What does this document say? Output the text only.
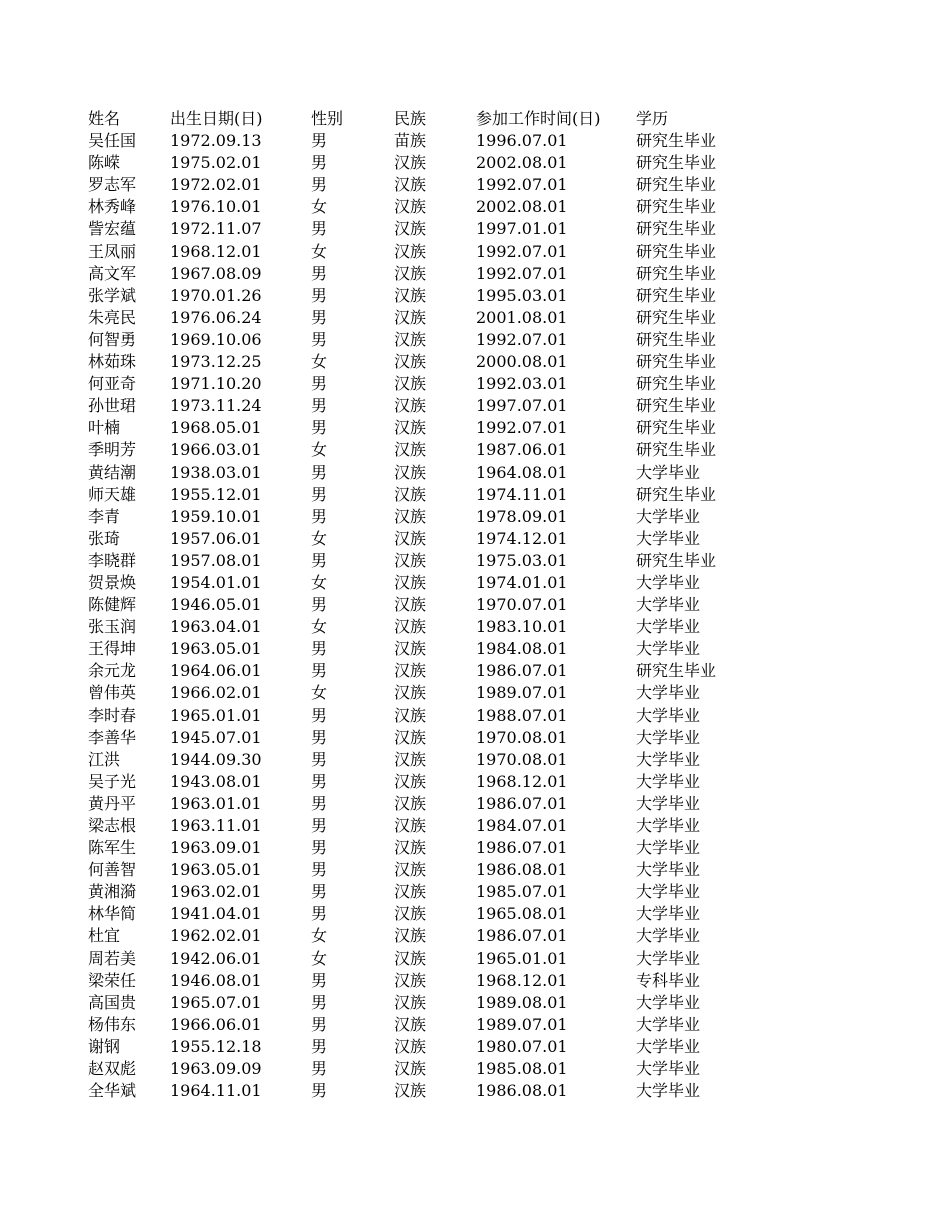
姓名	出生日期(日)	性别	民族	参加工作时间(日)	学历
吴任国	1972.09.13	男	苗族	1996.07.01	研究生毕业
陈嵘	1975.02.01	男	汉族	2002.08.01	研究生毕业
罗志军	1972.02.01	男	汉族	1992.07.01	研究生毕业
林秀峰	1976.10.01	女	汉族	2002.08.01	研究生毕业
訾宏蕴	1972.11.07	男	汉族	1997.01.01	研究生毕业
王凤丽	1968.12.01	女	汉族	1992.07.01	研究生毕业
高文军	1967.08.09	男	汉族	1992.07.01	研究生毕业
张学斌	1970.01.26	男	汉族	1995.03.01	研究生毕业
朱亮民	1976.06.24	男	汉族	2001.08.01	研究生毕业
何智勇	1969.10.06	男	汉族	1992.07.01	研究生毕业
林茹珠	1973.12.25	女	汉族	2000.08.01	研究生毕业
何亚奇	1971.10.20	男	汉族	1992.03.01	研究生毕业
孙世珺	1973.11.24	男	汉族	1997.07.01	研究生毕业
叶楠	1968.05.01	男	汉族	1992.07.01	研究生毕业
季明芳	1966.03.01	女	汉族	1987.06.01	研究生毕业
黄结潮	1938.03.01	男	汉族	1964.08.01	大学毕业
师天雄	1955.12.01	男	汉族	1974.11.01	研究生毕业
李青	1959.10.01	男	汉族	1978.09.01	大学毕业
张琦	1957.06.01	女	汉族	1974.12.01	大学毕业
李晓群	1957.08.01	男	汉族	1975.03.01	研究生毕业
贺景焕	1954.01.01	女	汉族	1974.01.01	大学毕业
陈健辉	1946.05.01	男	汉族	1970.07.01	大学毕业
张玉润	1963.04.01	女	汉族	1983.10.01	大学毕业
王得坤	1963.05.01	男	汉族	1984.08.01	大学毕业
余元龙	1964.06.01	男	汉族	1986.07.01	研究生毕业
曾伟英	1966.02.01	女	汉族	1989.07.01	大学毕业
李时春	1965.01.01	男	汉族	1988.07.01	大学毕业
李善华	1945.07.01	男	汉族	1970.08.01	大学毕业
江洪	1944.09.30	男	汉族	1970.08.01	大学毕业
吴子光	1943.08.01	男	汉族	1968.12.01	大学毕业
黄丹平	1963.01.01	男	汉族	1986.07.01	大学毕业
梁志根	1963.11.01	男	汉族	1984.07.01	大学毕业
陈军生	1963.09.01	男	汉族	1986.07.01	大学毕业
何善智	1963.05.01	男	汉族	1986.08.01	大学毕业
黄湘漪	1963.02.01	男	汉族	1985.07.01	大学毕业
林华简	1941.04.01	男	汉族	1965.08.01	大学毕业
杜宜	1962.02.01	女	汉族	1986.07.01	大学毕业
周若美	1942.06.01	女	汉族	1965.01.01	大学毕业
梁荣任	1946.08.01	男	汉族	1968.12.01	专科毕业
高国贵	1965.07.01	男	汉族	1989.08.01	大学毕业
杨伟东	1966.06.01	男	汉族	1989.07.01	大学毕业
谢钢	1955.12.18	男	汉族	1980.07.01	大学毕业
赵双彪	1963.09.09	男	汉族	1985.08.01	大学毕业
全华斌	1964.11.01	男	汉族	1986.08.01	大学毕业
